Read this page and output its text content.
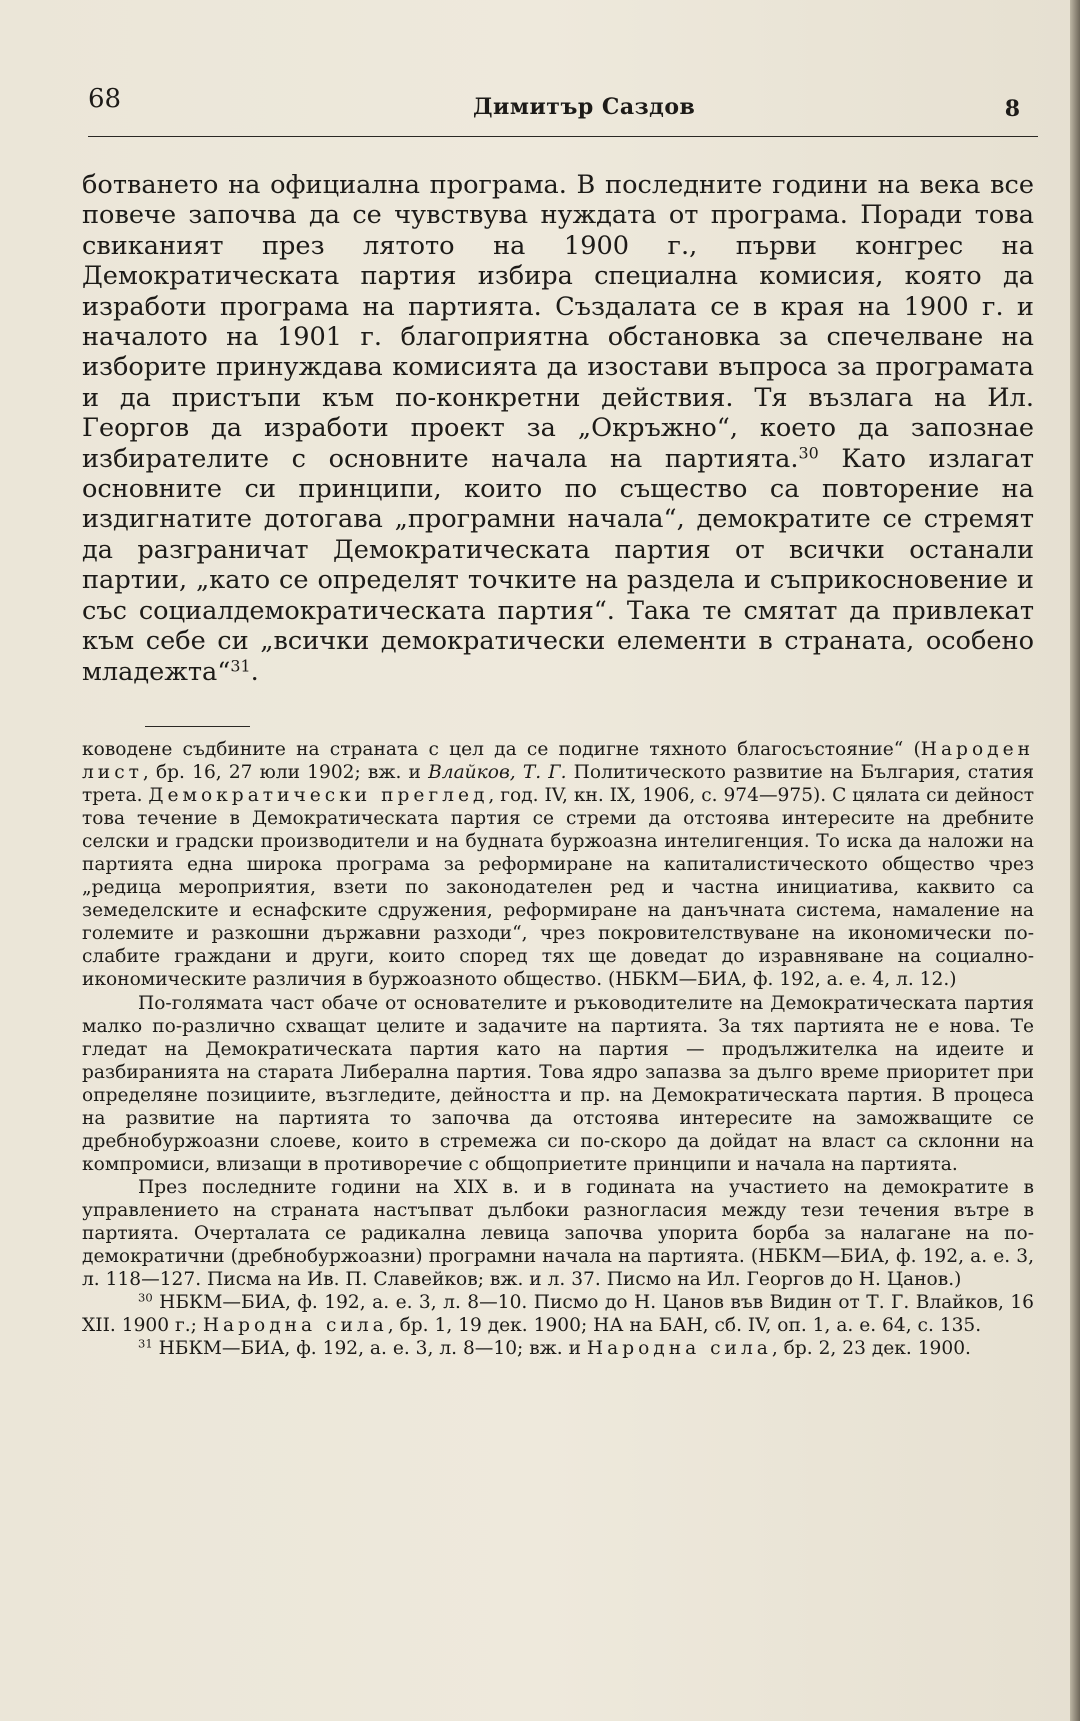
68	Димитър Саздов	8

ботването на официална програма. В последните години на века все повече започва да се чувствува нуждата от програма. Поради това свиканият през лятото на 1900 г., първи конгрес на Демократическата партия избира специална комисия, която да изработи програма на партията. Създалата се в края на 1900 г. и началото на 1901 г. благоприятна обстановка за спечелване на изборите принуждава комисията да изостави въпроса за програмата и да пристъпи към по-конкретни действия. Тя възлага на Ил. Георгов да изработи проект за „Окръжно“, което да запознае избирателите с основните начала на партията.$^{30}$ Като излагат основните си принципи, които по същество са повторение на издигнатите дотогава „програмни начала“, демократите се стремят да разграничат Демократическата партия от всички останали партии, „като се определят точките на раздела и съприкосновение и със социалдемократическата партия“. Така те смятат да привлекат към себе си „всички демократически елементи в страната, особено младежта“$^{31}$.

ководене съдбините на страната с цел да се подигне тяхното благосъстояние“ (Народен лист, бр. 16, 27 юли 1902; вж. и Влайков, Т. Г. Политическото развитие на България, статия трета. Демократически преглед, год. IV, кн. IX, 1906, с. 974—975). С цялата си дейност това течение в Демократическата партия се стреми да отстоява интересите на дребните селски и градски производители и на будната буржоазна интелигенция. То иска да наложи на партията една широка програма за реформиране на капиталистическото общество чрез „редица мероприятия, взети по законодателен ред и частна инициатива, каквито са земеделските и еснафските сдружения, реформиране на данъчната система, намаление на големите и разкошни държавни разходи“, чрез покровителствуване на икономически по-слабите граждани и други, които според тях ще доведат до изравняване на социално-икономическите различия в буржоазното общество. (НБКМ—БИА, ф. 192, а. е. 4, л. 12.)

По-голямата част обаче от основателите и ръководителите на Демократическата партия малко по-различно схващат целите и задачите на партията. За тях партията не е нова. Те гледат на Демократическата партия като на партия — продължителка на идеите и разбиранията на старата Либерална партия. Това ядро запазва за дълго време приоритет при определяне позициите, възгледите, дейността и пр. на Демократическата партия. В процеса на развитие на партията то започва да отстоява интересите на заможващите се дребнобуржоазни слоеве, които в стремежа си по-скоро да дойдат на власт са склонни на компромиси, влизащи в противоречие с общоприетите принципи и начала на партията.

През последните години на XIX в. и в годината на участието на демократите в управлението на страната настъпват дълбоки разногласия между тези течения вътре в партията. Очерталата се радикална левица започва упорита борба за налагане на по-демократични (дребнобуржоазни) програмни начала на партията. (НБКМ—БИА, ф. 192, а. е. 3, л. 118—127. Писма на Ив. П. Славейков; вж. и л. 37. Писмо на Ил. Георгов до Н. Цанов.)

$^{30}$ НБКМ—БИА, ф. 192, а. е. 3, л. 8—10. Писмо до Н. Цанов във Видин от Т. Г. Влайков, 16 XII. 1900 г.; Народна сила, бр. 1, 19 дек. 1900; НА на БАН, сб. IV, оп. 1, а. е. 64, с. 135.

$^{31}$ НБКМ—БИА, ф. 192, а. е. 3, л. 8—10; вж. и Народна сила, бр. 2, 23 дек. 1900.
